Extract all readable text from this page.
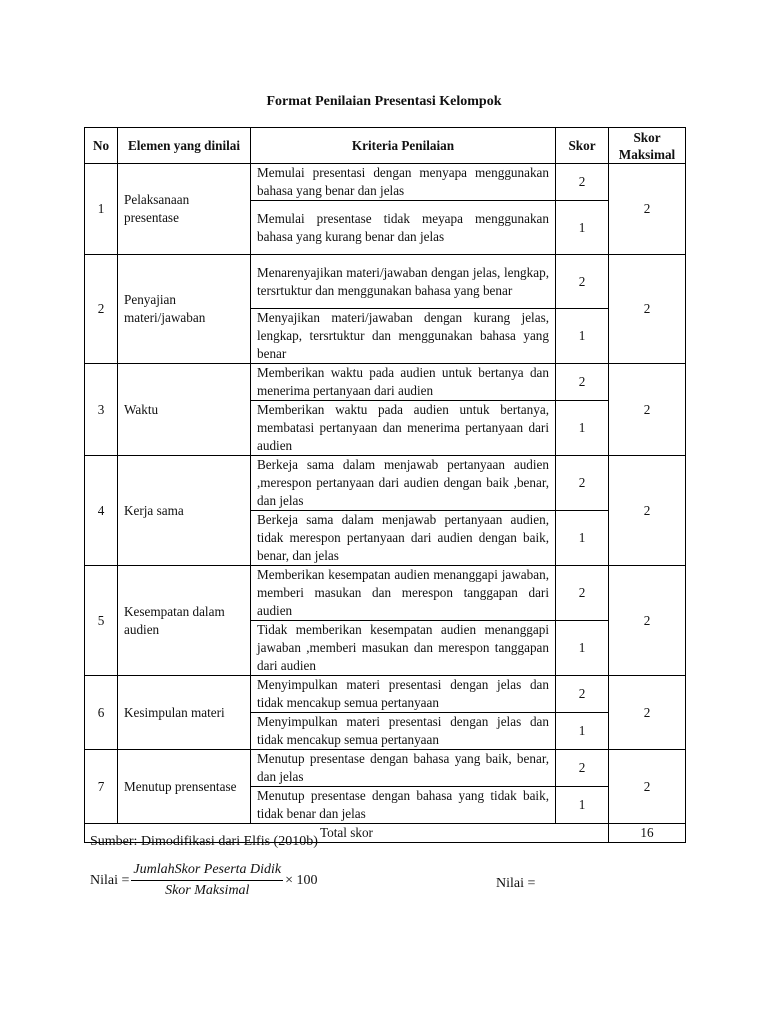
Format Penilaian Presentasi Kelompok
No	Elemen yang dinilai	Kriteria Penilaian	Skor	Skor Maksimal
1	Pelaksanaan presentase	Memulai presentasi dengan menyapa menggunakan bahasa yang benar dan jelas	2	2
		Memulai presentase tidak meyapa menggunakan bahasa yang kurang benar dan jelas	1	
2	Penyajian materi/jawaban	Menarenyajikan materi/jawaban dengan jelas, lengkap, tersrtuktur dan menggunakan bahasa yang benar	2	2
		Menyajikan materi/jawaban dengan kurang jelas, lengkap, tersrtuktur dan menggunakan bahasa yang benar	1	
3	Waktu	Memberikan waktu pada audien untuk bertanya dan menerima pertanyaan dari audien	2	2
		Memberikan waktu pada audien untuk bertanya, membatasi pertanyaan dan menerima pertanyaan dari audien	1	
4	Kerja sama	Berkeja sama dalam menjawab pertanyaan audien ,merespon pertanyaan dari audien dengan baik ,benar, dan jelas	2	2
		Berkeja sama dalam menjawab pertanyaan audien, tidak merespon pertanyaan dari audien dengan baik, benar, dan jelas	1	
5	Kesempatan dalam audien	Memberikan kesempatan audien menanggapi jawaban, memberi masukan dan merespon tanggapan dari audien	2	2
		Tidak memberikan kesempatan audien menanggapi jawaban ,memberi masukan dan merespon tanggapan dari audien	1	
6	Kesimpulan materi	Menyimpulkan materi presentasi dengan jelas dan tidak mencakup semua pertanyaan	2	2
		Menyimpulkan materi presentasi dengan jelas dan tidak mencakup semua pertanyaan	1	
7	Menutup prensentase	Menutup presentase dengan bahasa yang baik, benar, dan jelas	2	2
		Menutup presentase dengan bahasa yang tidak baik, tidak benar dan jelas	1	
Total skor				16
Sumber: Dimodifikasi dari Elfis (2010b)
Nilai = $\frac{\text{JumlahSkor Peserta Didik}}{\text{Skor Maksimal}} \times 100$	Nilai =
